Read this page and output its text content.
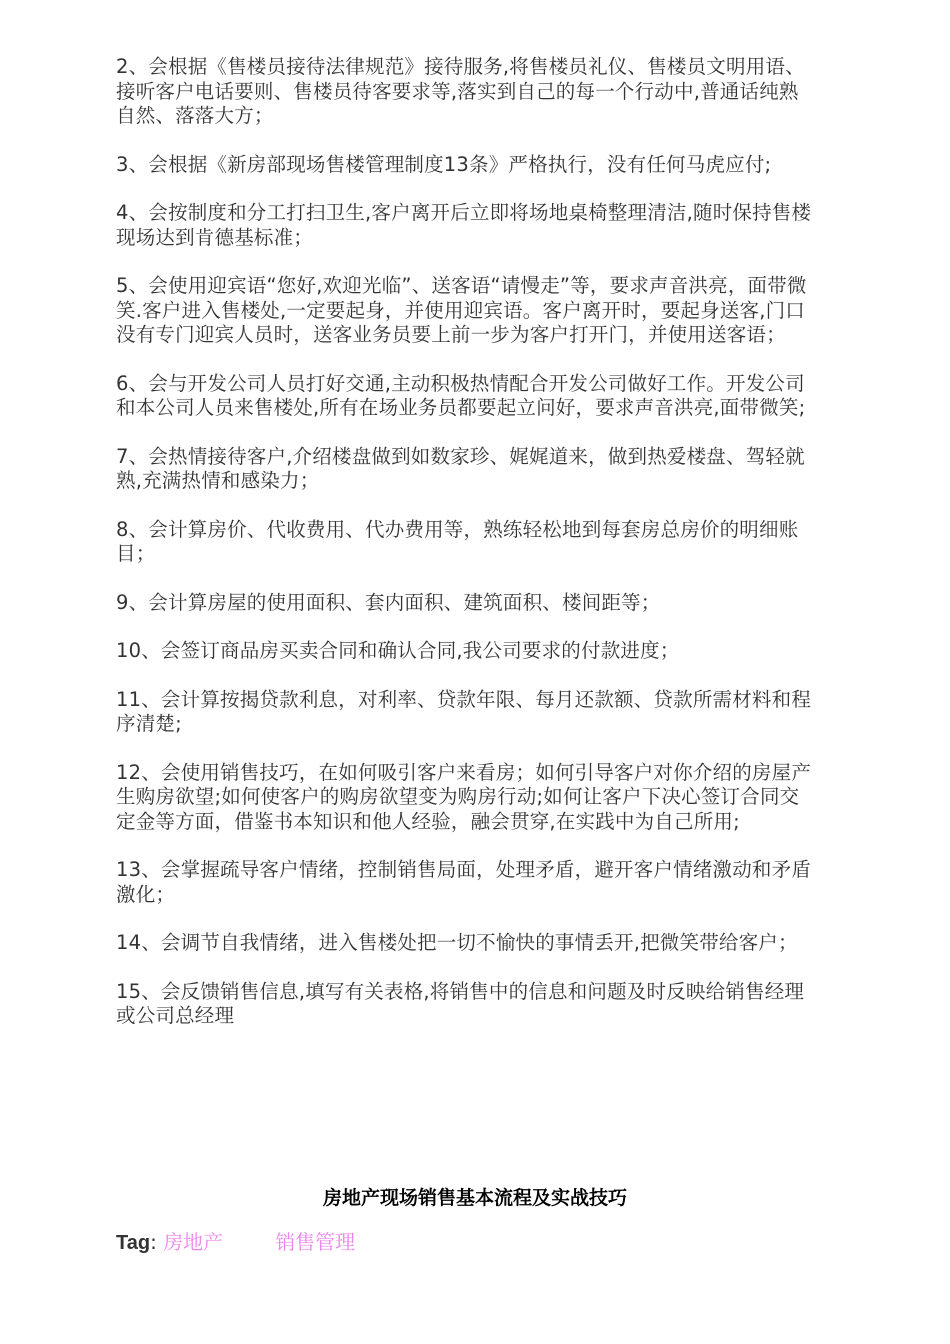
2、会根据《售楼员接待法律规范》接待服务,将售楼员礼仪、售楼员文明用语、接听客户电话要则、售楼员待客要求等,落实到自己的每一个行动中,普通话纯熟自然、落落大方；

3、会根据《新房部现场售楼管理制度13条》严格执行，没有任何马虎应付;

4、会按制度和分工打扫卫生,客户离开后立即将场地桌椅整理清洁,随时保持售楼现场达到肯德基标准；

5、会使用迎宾语“您好,欢迎光临”、送客语“请慢走”等，要求声音洪亮，面带微笑.客户进入售楼处,一定要起身，并使用迎宾语。客户离开时，要起身送客,门口没有专门迎宾人员时，送客业务员要上前一步为客户打开门，并使用送客语；

6、会与开发公司人员打好交通,主动积极热情配合开发公司做好工作。开发公司和本公司人员来售楼处,所有在场业务员都要起立问好，要求声音洪亮,面带微笑;

7、会热情接待客户,介绍楼盘做到如数家珍、娓娓道来，做到热爱楼盘、驾轻就熟,充满热情和感染力；

8、会计算房价、代收费用、代办费用等，熟练轻松地到每套房总房价的明细账目；

9、会计算房屋的使用面积、套内面积、建筑面积、楼间距等；

10、会签订商品房买卖合同和确认合同,我公司要求的付款进度；

11、会计算按揭贷款利息，对利率、贷款年限、每月还款额、贷款所需材料和程序清楚;

12、会使用销售技巧，在如何吸引客户来看房；如何引导客户对你介绍的房屋产生购房欲望;如何使客户的购房欲望变为购房行动;如何让客户下决心签订合同交定金等方面，借鉴书本知识和他人经验，融会贯穿,在实践中为自己所用;

13、会掌握疏导客户情绪，控制销售局面，处理矛盾，避开客户情绪激动和矛盾激化；

14、会调节自我情绪，进入售楼处把一切不愉快的事情丢开,把微笑带给客户；

15、会反馈销售信息,填写有关表格,将销售中的信息和问题及时反映给销售经理或公司总经理

房地产现场销售基本流程及实战技巧
Tag: 房地产	销售管理
